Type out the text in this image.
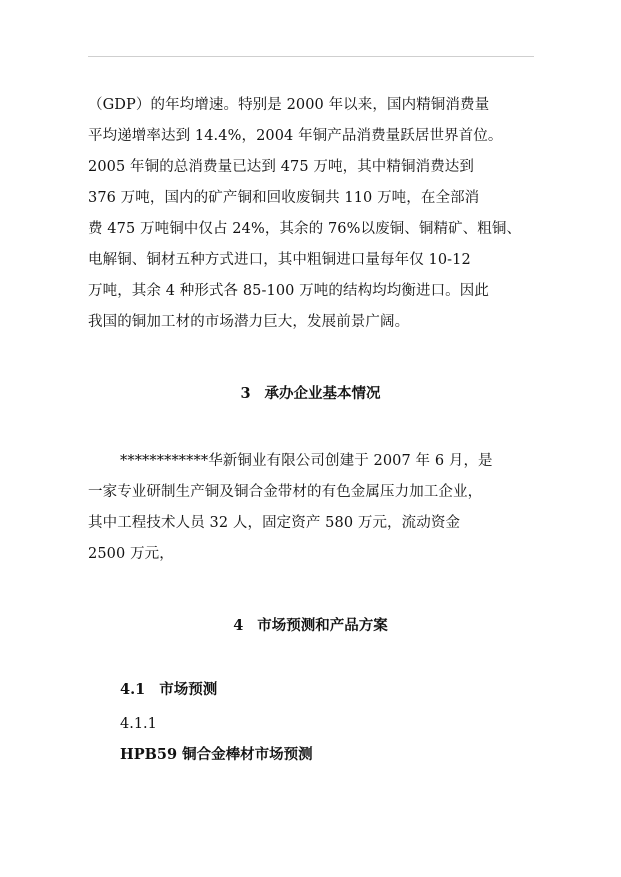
（GDP）的年均增速。特别是 2000 年以来，国内精铜消费量
平均递增率达到 14.4%，2004 年铜产品消费量跃居世界首位。
2005 年铜的总消费量已达到 475 万吨，其中精铜消费达到
376 万吨，国内的矿产铜和回收废铜共 110 万吨，在全部消
费 475 万吨铜中仅占 24%，其余的 76%以废铜、铜精矿、粗铜、
电解铜、铜材五种方式进口，其中粗铜进口量每年仅 10-12
万吨，其余 4 种形式各 85-100 万吨的结构均均衡进口。因此
我国的铜加工材的市场潜力巨大，发展前景广阔。
3 承办企业基本情况
************华新铜业有限公司创建于 2007 年 6 月，是
一家专业研制生产铜及铜合金带材的有色金属压力加工企业，
其中工程技术人员 32 人，固定资产 580 万元，流动资金
2500 万元，
4 市场预测和产品方案
4.1 市场预测
4.1.1
HPB59 铜合金棒材市场预测
